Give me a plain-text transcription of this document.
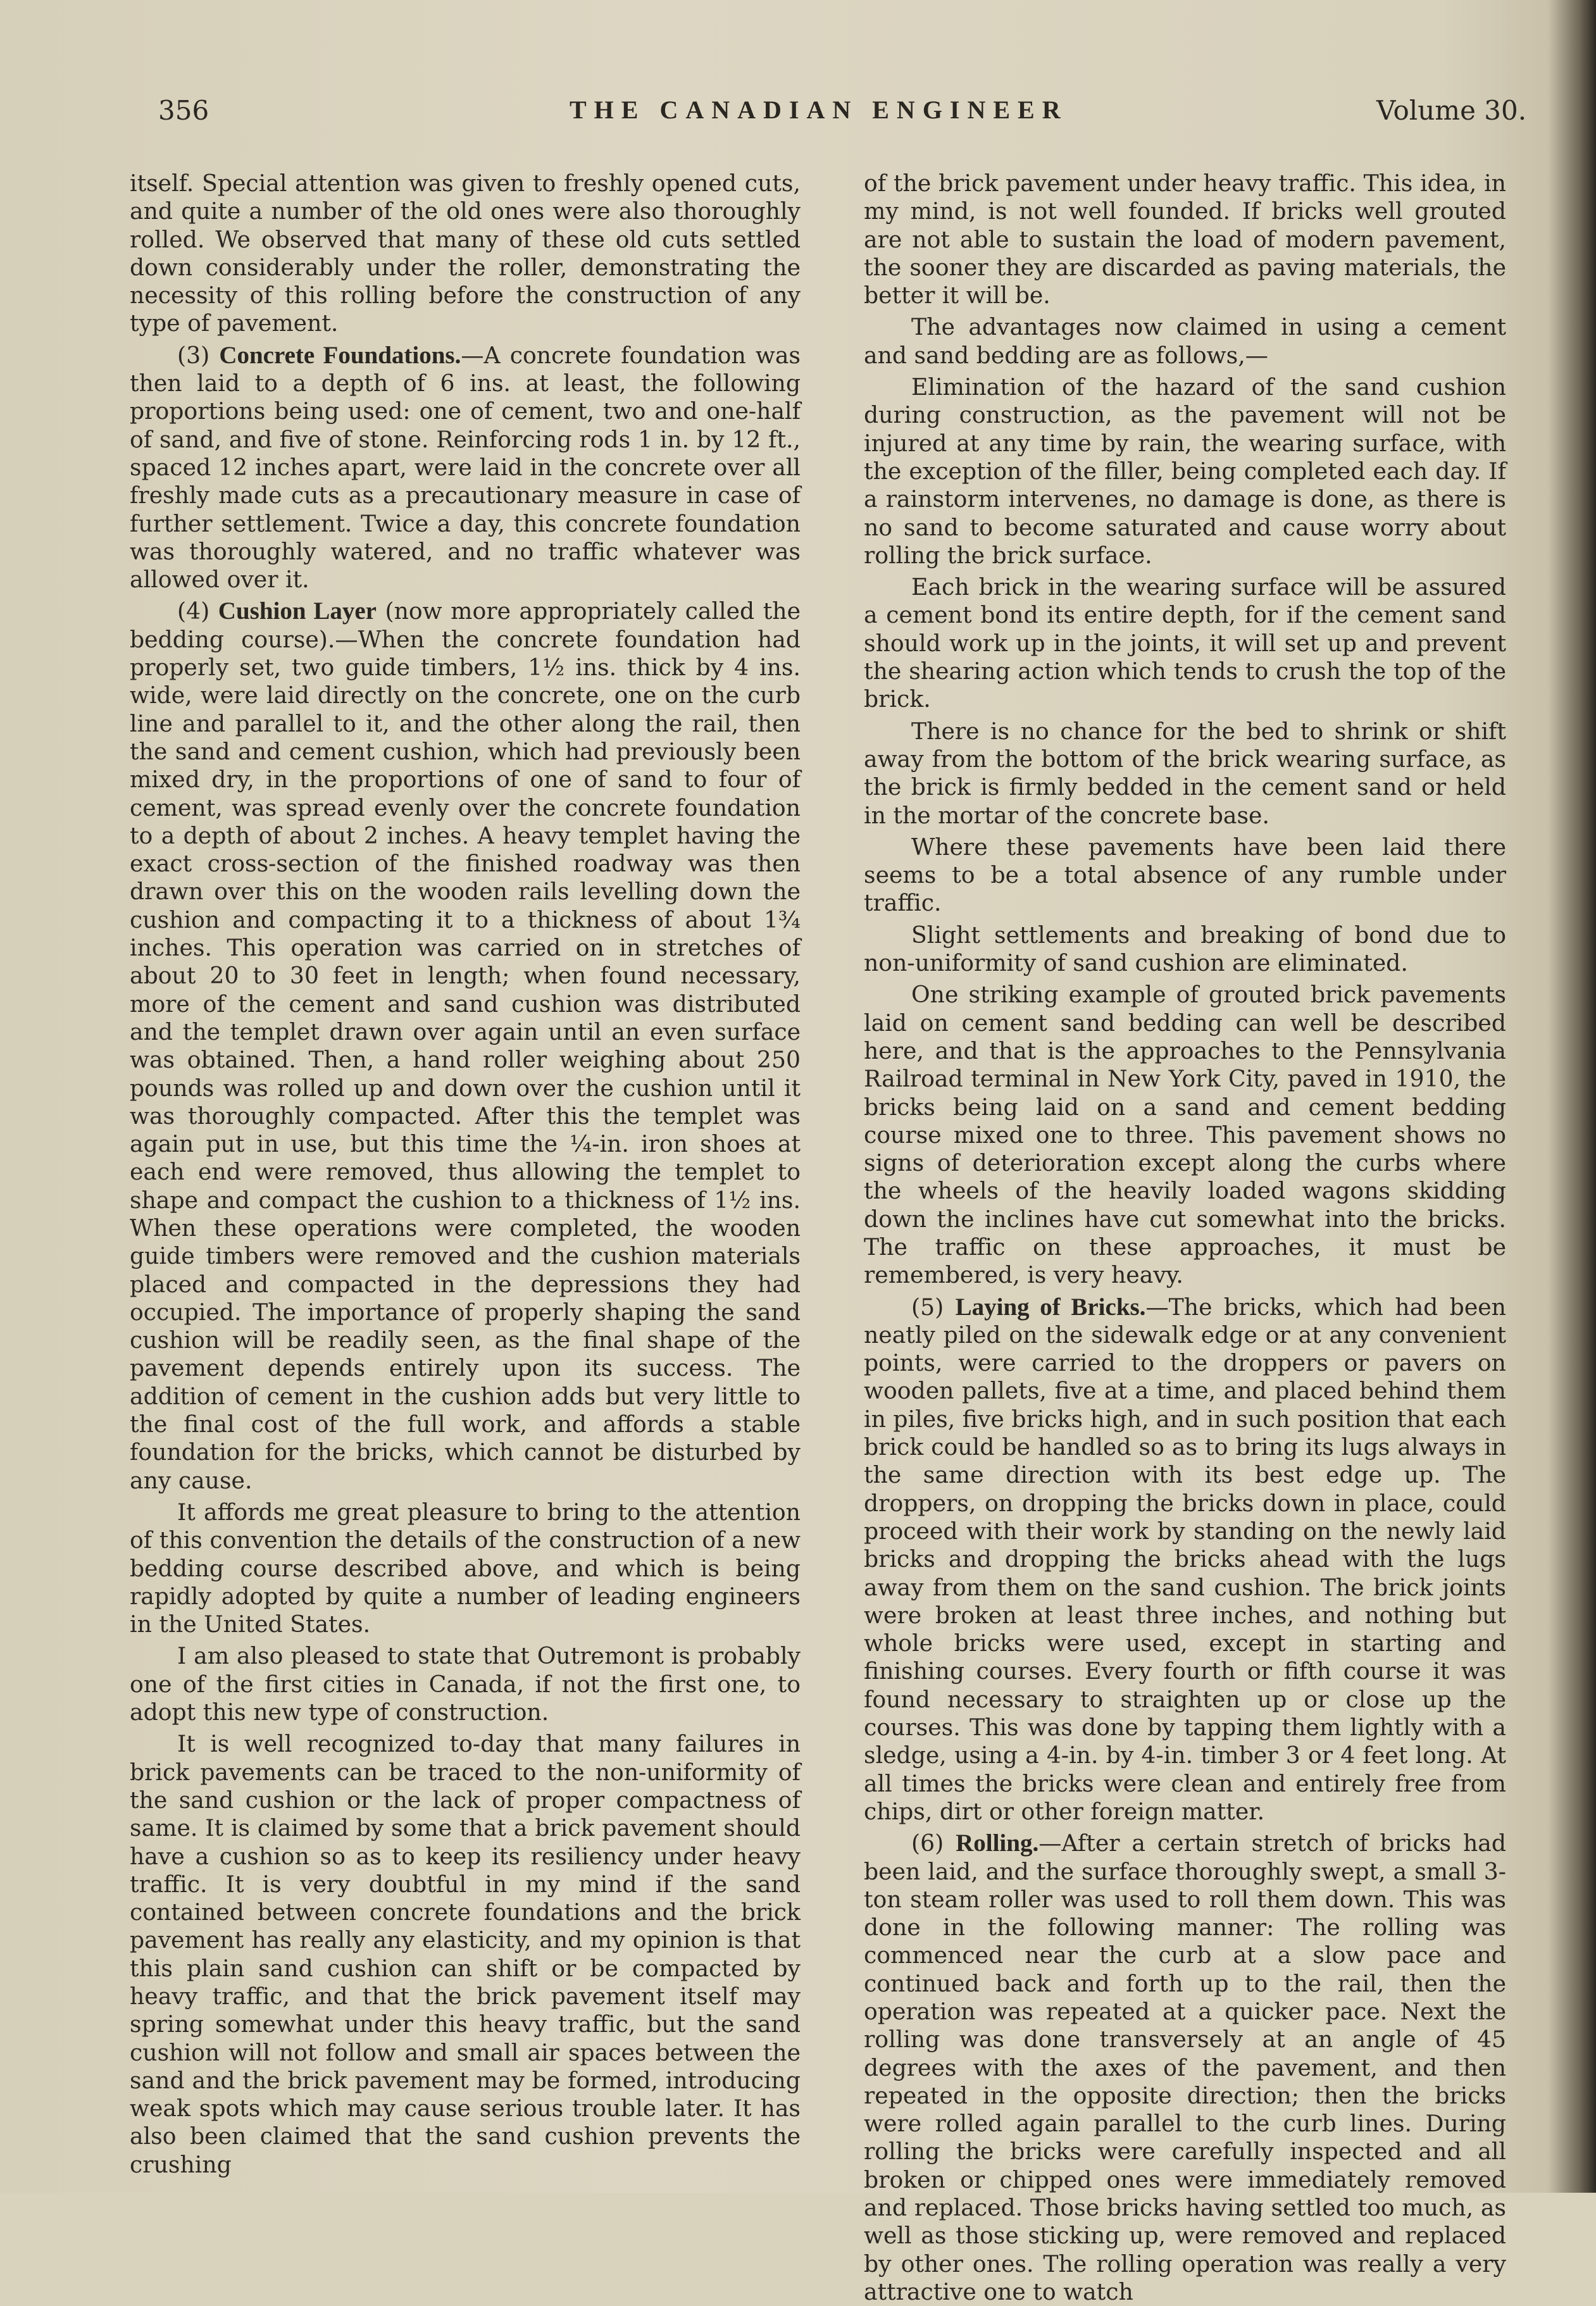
356	THE CANADIAN ENGINEER	Volume 30.

itself. Special attention was given to freshly opened cuts, and quite a number of the old ones were also thoroughly rolled. We observed that many of these old cuts settled down considerably under the roller, demonstrating the necessity of this rolling before the construction of any type of pavement.

(3) Concrete Foundations.—A concrete foundation was then laid to a depth of 6 ins. at least, the following proportions being used: one of cement, two and one-half of sand, and five of stone. Reinforcing rods 1 in. by 12 ft., spaced 12 inches apart, were laid in the concrete over all freshly made cuts as a precautionary measure in case of further settlement. Twice a day, this concrete foundation was thoroughly watered, and no traffic whatever was allowed over it.

(4) Cushion Layer (now more appropriately called the bedding course).—When the concrete foundation had properly set, two guide timbers, 1½ ins. thick by 4 ins. wide, were laid directly on the concrete, one on the curb line and parallel to it, and the other along the rail, then the sand and cement cushion, which had previously been mixed dry, in the proportions of one of sand to four of cement, was spread evenly over the concrete foundation to a depth of about 2 inches. A heavy templet having the exact cross-section of the finished roadway was then drawn over this on the wooden rails levelling down the cushion and compacting it to a thickness of about 1¾ inches. This operation was carried on in stretches of about 20 to 30 feet in length; when found necessary, more of the cement and sand cushion was distributed and the templet drawn over again until an even surface was obtained. Then, a hand roller weighing about 250 pounds was rolled up and down over the cushion until it was thoroughly compacted. After this the templet was again put in use, but this time the ¼-in. iron shoes at each end were removed, thus allowing the templet to shape and compact the cushion to a thickness of 1½ ins. When these operations were completed, the wooden guide timbers were removed and the cushion materials placed and compacted in the depressions they had occupied. The importance of properly shaping the sand cushion will be readily seen, as the final shape of the pavement depends entirely upon its success. The addition of cement in the cushion adds but very little to the final cost of the full work, and affords a stable foundation for the bricks, which cannot be disturbed by any cause.

It affords me great pleasure to bring to the attention of this convention the details of the construction of a new bedding course described above, and which is being rapidly adopted by quite a number of leading engineers in the United States.

I am also pleased to state that Outremont is probably one of the first cities in Canada, if not the first one, to adopt this new type of construction.

It is well recognized to-day that many failures in brick pavements can be traced to the non-uniformity of the sand cushion or the lack of proper compactness of same. It is claimed by some that a brick pavement should have a cushion so as to keep its resiliency under heavy traffic. It is very doubtful in my mind if the sand contained between concrete foundations and the brick pavement has really any elasticity, and my opinion is that this plain sand cushion can shift or be compacted by heavy traffic, and that the brick pavement itself may spring somewhat under this heavy traffic, but the sand cushion will not follow and small air spaces between the sand and the brick pavement may be formed, introducing weak spots which may cause serious trouble later. It has also been claimed that the sand cushion prevents the crushing

of the brick pavement under heavy traffic. This idea, in my mind, is not well founded. If bricks well grouted are not able to sustain the load of modern pavement, the sooner they are discarded as paving materials, the better it will be.

The advantages now claimed in using a cement and sand bedding are as follows,—

Elimination of the hazard of the sand cushion during construction, as the pavement will not be injured at any time by rain, the wearing surface, with the exception of the filler, being completed each day. If a rainstorm intervenes, no damage is done, as there is no sand to become saturated and cause worry about rolling the brick surface.

Each brick in the wearing surface will be assured a cement bond its entire depth, for if the cement sand should work up in the joints, it will set up and prevent the shearing action which tends to crush the top of the brick.

There is no chance for the bed to shrink or shift away from the bottom of the brick wearing surface, as the brick is firmly bedded in the cement sand or held in the mortar of the concrete base.

Where these pavements have been laid there seems to be a total absence of any rumble under traffic.

Slight settlements and breaking of bond due to non-uniformity of sand cushion are eliminated.

One striking example of grouted brick pavements laid on cement sand bedding can well be described here, and that is the approaches to the Pennsylvania Railroad terminal in New York City, paved in 1910, the bricks being laid on a sand and cement bedding course mixed one to three. This pavement shows no signs of deterioration except along the curbs where the wheels of the heavily loaded wagons skidding down the inclines have cut somewhat into the bricks. The traffic on these approaches, it must be remembered, is very heavy.

(5) Laying of Bricks.—The bricks, which had been neatly piled on the sidewalk edge or at any convenient points, were carried to the droppers or pavers on wooden pallets, five at a time, and placed behind them in piles, five bricks high, and in such position that each brick could be handled so as to bring its lugs always in the same direction with its best edge up. The droppers, on dropping the bricks down in place, could proceed with their work by standing on the newly laid bricks and dropping the bricks ahead with the lugs away from them on the sand cushion. The brick joints were broken at least three inches, and nothing but whole bricks were used, except in starting and finishing courses. Every fourth or fifth course it was found necessary to straighten up or close up the courses. This was done by tapping them lightly with a sledge, using a 4-in. by 4-in. timber 3 or 4 feet long. At all times the bricks were clean and entirely free from chips, dirt or other foreign matter.

(6) Rolling.—After a certain stretch of bricks had been laid, and the surface thoroughly swept, a small 3-ton steam roller was used to roll them down. This was done in the following manner: The rolling was commenced near the curb at a slow pace and continued back and forth up to the rail, then the operation was repeated at a quicker pace. Next the rolling was done transversely at an angle of 45 degrees with the axes of the pavement, and then repeated in the opposite direction; then the bricks were rolled again parallel to the curb lines. During rolling the bricks were carefully inspected and all broken or chipped ones were immediately removed and replaced. Those bricks having settled too much, as well as those sticking up, were removed and replaced by other ones. The rolling operation was really a very attractive one to watch
